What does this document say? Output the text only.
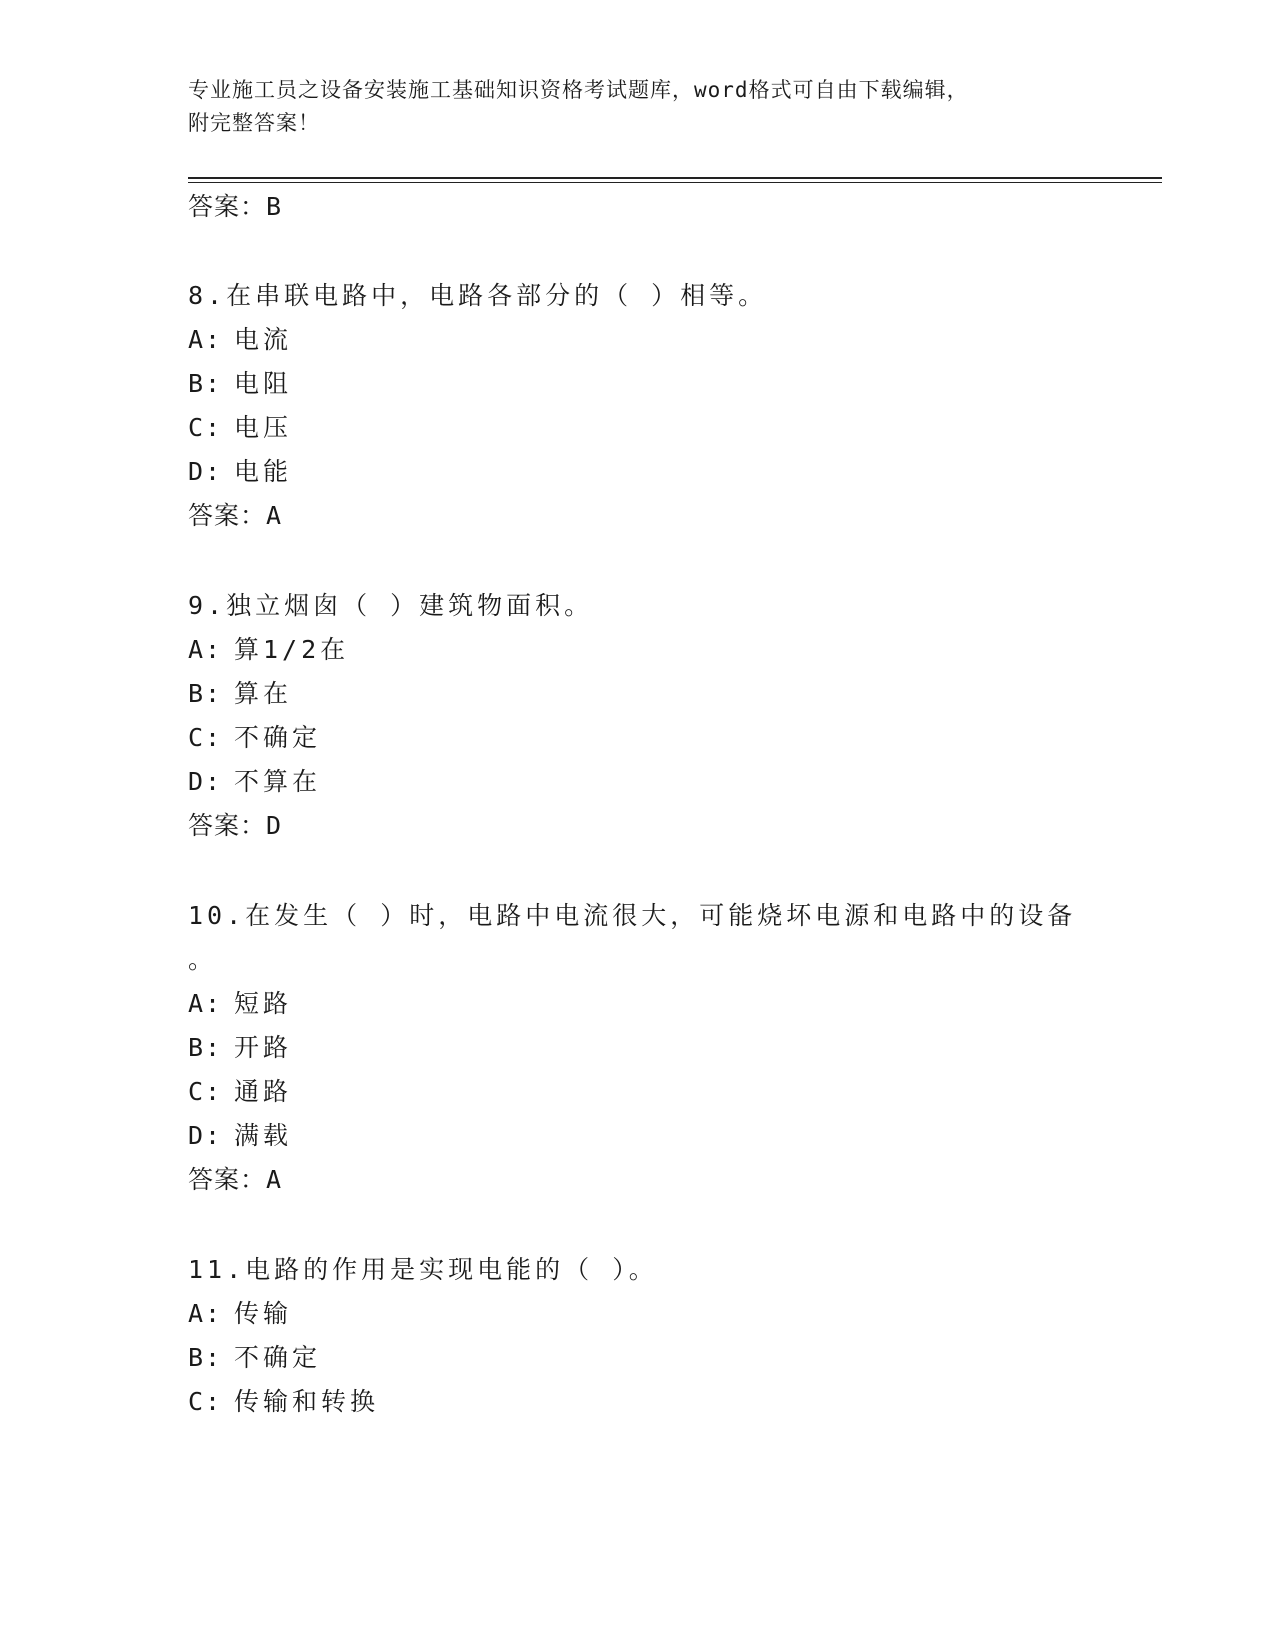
专业施工员之设备安装施工基础知识资格考试题库，word格式可自由下载编辑，
附完整答案！
答案：B
8.在串联电路中，电路各部分的（ ）相等。
A: 电流
B: 电阻
C: 电压
D: 电能
答案：A
9.独立烟囱（ ）建筑物面积。
A: 算1/2在
B: 算在
C: 不确定
D: 不算在
答案：D
10.在发生（ ）时，电路中电流很大，可能烧坏电源和电路中的设备
。
A: 短路
B: 开路
C: 通路
D: 满载
答案：A
11.电路的作用是实现电能的（ ）。
A: 传输
B: 不确定
C: 传输和转换
